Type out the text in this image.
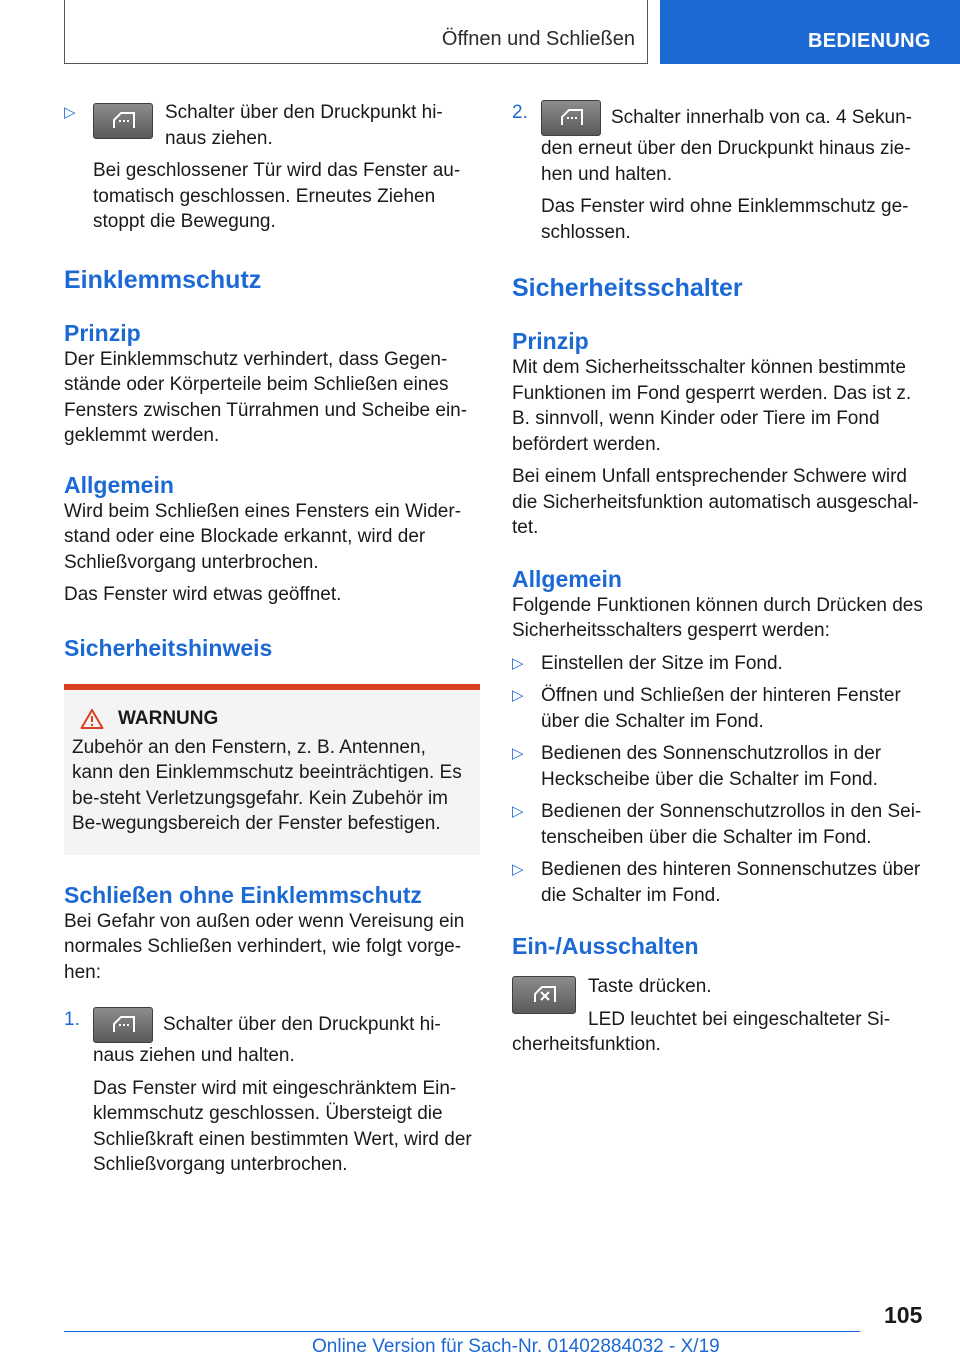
Öffnen und Schließen	BEDIENUNG
▷	Schalter über den Druckpunkt hi-naus ziehen.

Bei geschlossener Tür wird das Fenster au-tomatisch geschlossen. Erneutes Ziehen stoppt die Bewegung.

Einklemmschutz
Prinzip

Der Einklemmschutz verhindert, dass Gegen-stände oder Körperteile beim Schließen eines Fensters zwischen Türrahmen und Scheibe ein-geklemmt werden.

Allgemein

Wird beim Schließen eines Fensters ein Wider-stand oder eine Blockade erkannt, wird der Schließvorgang unterbrochen.

Das Fenster wird etwas geöffnet.

Sicherheitshinweis
WARNUNG

Zubehör an den Fenstern, z. B. Antennen, kann den Einklemmschutz beeinträchtigen. Es be-steht Verletzungsgefahr. Kein Zubehör im Be-wegungsbereich der Fenster befestigen.

Schließen ohne Einklemmschutz

Bei Gefahr von außen oder wenn Vereisung ein normales Schließen verhindert, wie folgt vorge-hen:

1.	Schalter über den Druckpunkt hi-naus ziehen und halten.

Das Fenster wird mit eingeschränktem Ein-klemmschutz geschlossen. Übersteigt die Schließkraft einen bestimmten Wert, wird der Schließvorgang unterbrochen.

2.	Schalter innerhalb von ca. 4 Sekun-den erneut über den Druckpunkt hinaus zie-hen und halten.

Das Fenster wird ohne Einklemmschutz ge-schlossen.

Sicherheitsschalter
Prinzip

Mit dem Sicherheitsschalter können bestimmte Funktionen im Fond gesperrt werden. Das ist z. B. sinnvoll, wenn Kinder oder Tiere im Fond befördert werden.

Bei einem Unfall entsprechender Schwere wird die Sicherheitsfunktion automatisch ausgeschal-tet.

Allgemein

Folgende Funktionen können durch Drücken des Sicherheitsschalters gesperrt werden:

▷ Einstellen der Sitze im Fond.

▷ Öffnen und Schließen der hinteren Fenster über die Schalter im Fond.

▷ Bedienen des Sonnenschutzrollos in der Heckscheibe über die Schalter im Fond.

▷ Bedienen der Sonnenschutzrollos in den Sei-tenscheiben über die Schalter im Fond.

▷ Bedienen des hinteren Sonnenschutzes über die Schalter im Fond.

Ein-/Ausschalten

Taste drücken.

LED leuchtet bei eingeschalteter Si-cherheitsfunktion.

105
Online Version für Sach-Nr. 01402884032 - X/19
